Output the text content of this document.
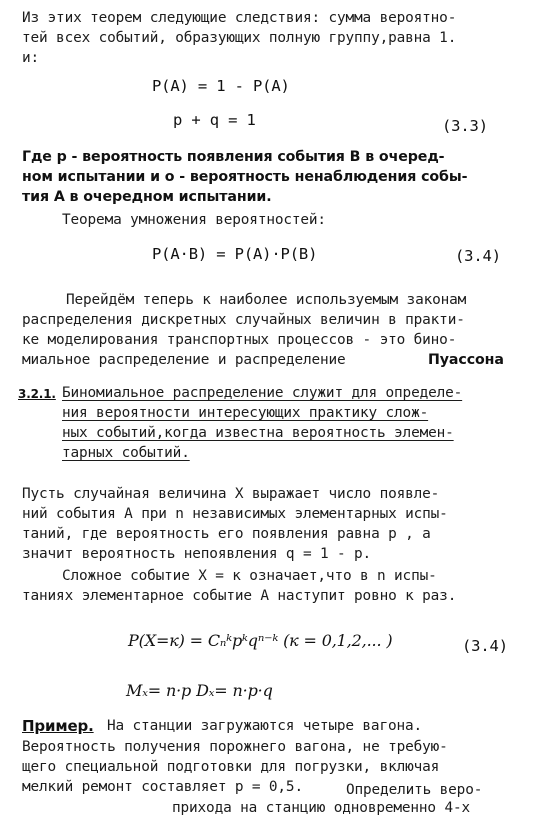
Из этих теорем следующие следствия: сумма вероятно-
тей всех событий, образующих полную группу,равна 1.
и:
P(A) = 1 - P(A)
p + q = 1	(3.3)
Где р - вероятность появления события В в очеред-
ном испытании и о - вероятность ненаблюдения собы-
тия А в очередном испытании.
Теорема умножения вероятностей:
P(A·B) = P(A)·P(B)	(3.4)
Перейдём теперь к наиболее используемым законам
распределения дискретных случайных величин в практи-
ке моделирования транспортных процессов - это бино-
миальное распределение и распределение	Пуассона
3.2.1. Биномиальное распределение служит для определе-
ния вероятности интересующих практику слож-
ных событий,когда известна вероятность элемен-
тарных событий.
Пусть случайная величина X выражает число появле-
ний события А при n независимых элементарных испы-
таний, где вероятность его появления равна р , а
значит вероятность непоявления q = 1 - р.
Сложное событие X = к означает,что в n испы-
таниях элементарное событие А наступит ровно к раз.
P(X=к) = Cₙᵏpᵏqⁿ⁻ᵏ (к = 0,1,2,... )	(3.4)
Mₓ= n·p Dₓ= n·p·q
Пример. На станции загружаются четыре вагона.
Вероятность получения порожнего вагона, не требую-
щего специальной подготовки для погрузки, включая
мелкий ремонт составляет р = 0,5.	Определить веро-
прихода на станцию одновременно 4-х
